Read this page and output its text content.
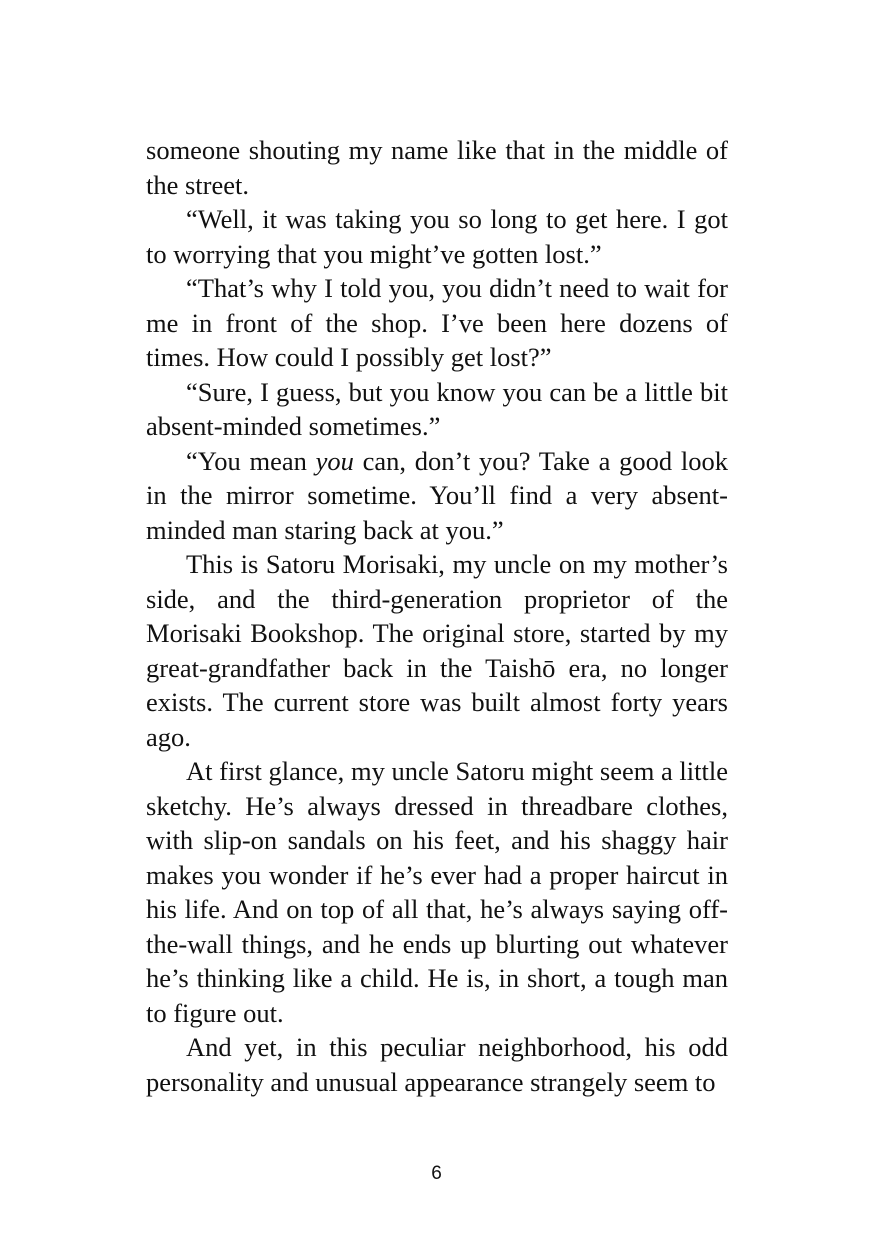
someone shouting my name like that in the middle of the street.

“Well, it was taking you so long to get here. I got to worrying that you might’ve gotten lost.”

“That’s why I told you, you didn’t need to wait for me in front of the shop. I’ve been here dozens of times. How could I possibly get lost?”

“Sure, I guess, but you know you can be a little bit absent-minded sometimes.”

“You mean you can, don’t you? Take a good look in the mirror sometime. You’ll find a very absent-minded man staring back at you.”

This is Satoru Morisaki, my uncle on my mother’s side, and the third-generation proprietor of the Morisaki Bookshop. The original store, started by my great-grandfather back in the Taishō era, no longer exists. The current store was built almost forty years ago.

At first glance, my uncle Satoru might seem a little sketchy. He’s always dressed in threadbare clothes, with slip-on sandals on his feet, and his shaggy hair makes you wonder if he’s ever had a proper haircut in his life. And on top of all that, he’s always saying off-the-wall things, and he ends up blurting out whatever he’s thinking like a child. He is, in short, a tough man to figure out.

And yet, in this peculiar neighborhood, his odd personality and unusual appearance strangely seem to

6
